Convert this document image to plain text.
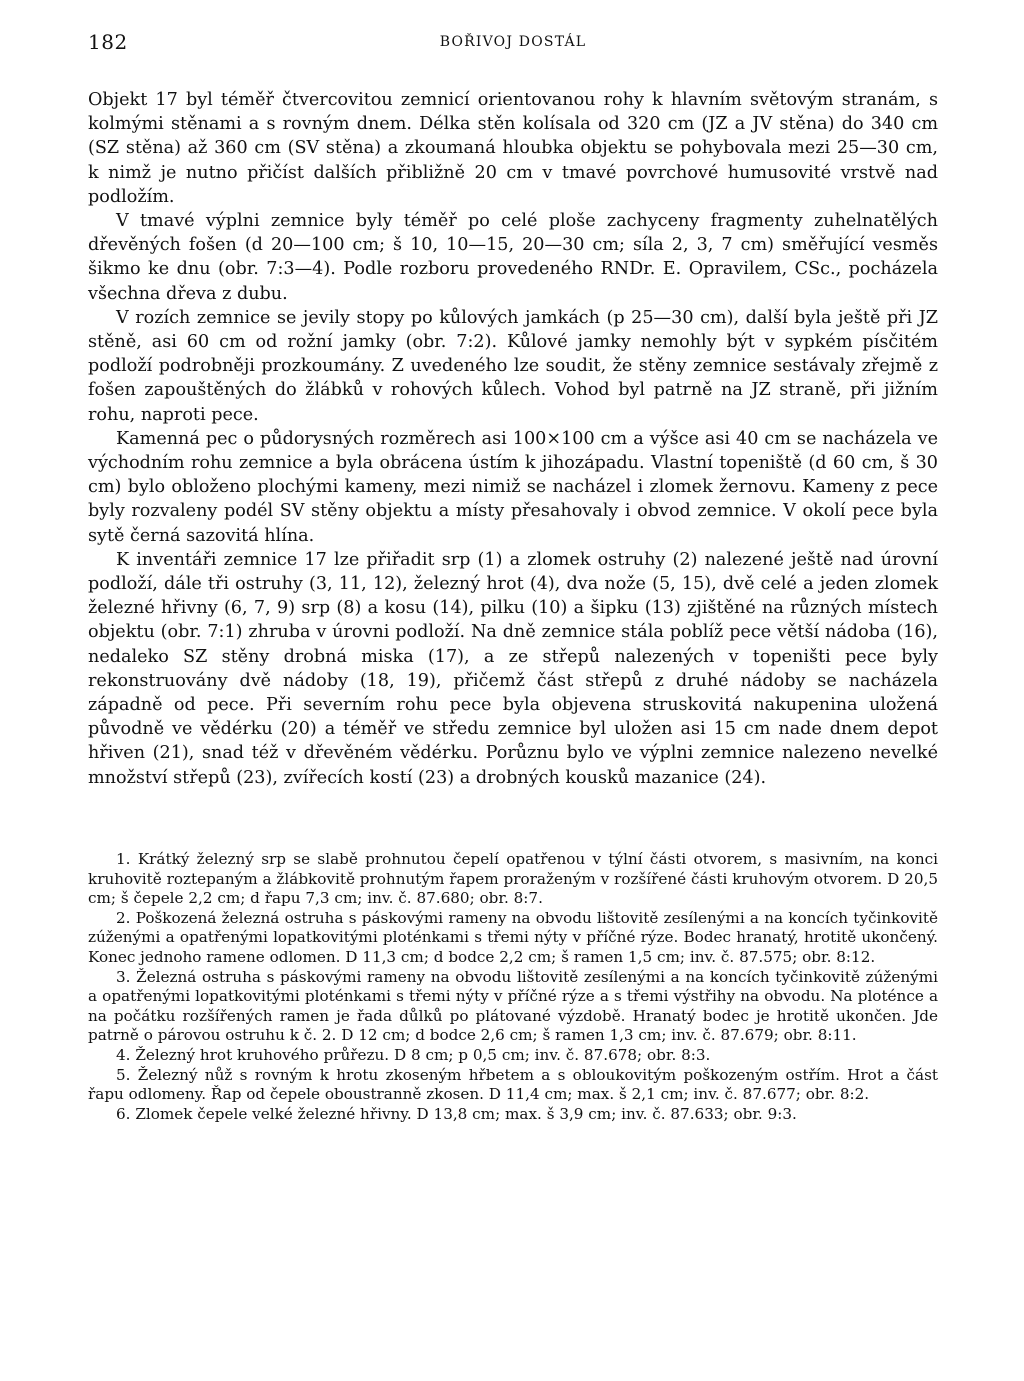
182	BOŘIVOJ DOSTÁL

Objekt 17 byl téměř čtvercovitou zemnicí orientovanou rohy k hlavním světovým stranám, s kolmými stěnami a s rovným dnem. Délka stěn kolísala od 320 cm (JZ a JV stěna) do 340 cm (SZ stěna) až 360 cm (SV stěna) a zkoumaná hloubka objektu se pohybovala mezi 25—30 cm, k nimž je nutno přičíst dalších přibližně 20 cm v tmavé povrchové humusovité vrstvě nad podložím.

V tmavé výplni zemnice byly téměř po celé ploše zachyceny fragmenty zuhelnatělých dřevěných fošen (d 20—100 cm; š 10, 10—15, 20—30 cm; síla 2, 3, 7 cm) směřující vesměs šikmo ke dnu (obr. 7:3—4). Podle rozboru provedeného RNDr. E. Opravilem, CSc., pocházela všechna dřeva z dubu.

V rozích zemnice se jevily stopy po kůlových jamkách (p 25—30 cm), další byla ještě při JZ stěně, asi 60 cm od rožní jamky (obr. 7:2). Kůlové jamky nemohly být v sypkém písčitém podloží podrobněji prozkoumány. Z uvedeného lze soudit, že stěny zemnice sestávaly zřejmě z fošen zapouštěných do žlábků v rohových kůlech. Vohod byl patrně na JZ straně, při jižním rohu, naproti pece.

Kamenná pec o půdorysných rozměrech asi 100×100 cm a výšce asi 40 cm se nacházela ve východním rohu zemnice a byla obrácena ústím k jihozápadu. Vlastní topeniště (d 60 cm, š 30 cm) bylo obloženo plochými kameny, mezi nimiž se nacházel i zlomek žernovu. Kameny z pece byly rozvaleny podél SV stěny objektu a místy přesahovaly i obvod zemnice. V okolí pece byla sytě černá sazovitá hlína.

K inventáři zemnice 17 lze přiřadit srp (1) a zlomek ostruhy (2) nalezené ještě nad úrovní podloží, dále tři ostruhy (3, 11, 12), železný hrot (4), dva nože (5, 15), dvě celé a jeden zlomek železné hřivny (6, 7, 9) srp (8) a kosu (14), pilku (10) a šipku (13) zjištěné na různých místech objektu (obr. 7:1) zhruba v úrovni podloží. Na dně zemnice stála poblíž pece větší nádoba (16), nedaleko SZ stěny drobná miska (17), a ze střepů nalezených v topeništi pece byly rekonstruovány dvě nádoby (18, 19), přičemž část střepů z druhé nádoby se nacházela západně od pece. Při severním rohu pece byla objevena struskovitá nakupenina uložená původně ve vědérku (20) a téměř ve středu zemnice byl uložen asi 15 cm nade dnem depot hřiven (21), snad též v dřevěném vědérku. Porůznu bylo ve výplni zemnice nalezeno nevelké množství střepů (23), zvířecích kostí (23) a drobných kousků mazanice (24).

1. Krátký železný srp se slabě prohnutou čepelí opatřenou v týlní části otvorem, s masivním, na konci kruhovitě roztepaným a žlábkovitě prohnutým řapem proraženým v rozšířené části kruhovým otvorem. D 20,5 cm; š čepele 2,2 cm; d řapu 7,3 cm; inv. č. 87.680; obr. 8:7.

2. Poškozená železná ostruha s páskovými rameny na obvodu lištovitě zesílenými a na koncích tyčinkovitě zúženými a opatřenými lopatkovitými ploténkami s třemi nýty v příčné rýze. Bodec hranatý, hrotitě ukončený. Konec jednoho ramene odlomen. D 11,3 cm; d bodce 2,2 cm; š ramen 1,5 cm; inv. č. 87.575; obr. 8:12.

3. Železná ostruha s páskovými rameny na obvodu lištovitě zesílenými a na koncích tyčinkovitě zúženými a opatřenými lopatkovitými ploténkami s třemi nýty v příčné rýze a s třemi výstřihy na obvodu. Na ploténce a na počátku rozšířených ramen je řada důlků po plátované výzdobě. Hranatý bodec je hrotitě ukončen. Jde patrně o párovou ostruhu k č. 2. D 12 cm; d bodce 2,6 cm; š ramen 1,3 cm; inv. č. 87.679; obr. 8:11.

4. Železný hrot kruhového průřezu. D 8 cm; p 0,5 cm; inv. č. 87.678; obr. 8:3.

5. Železný nůž s rovným k hrotu zkoseným hřbetem a s obloukovitým poškozeným ostřím. Hrot a část řapu odlomeny. Řap od čepele oboustranně zkosen. D 11,4 cm; max. š 2,1 cm; inv. č. 87.677; obr. 8:2.

6. Zlomek čepele velké železné hřivny. D 13,8 cm; max. š 3,9 cm; inv. č. 87.633; obr. 9:3.
